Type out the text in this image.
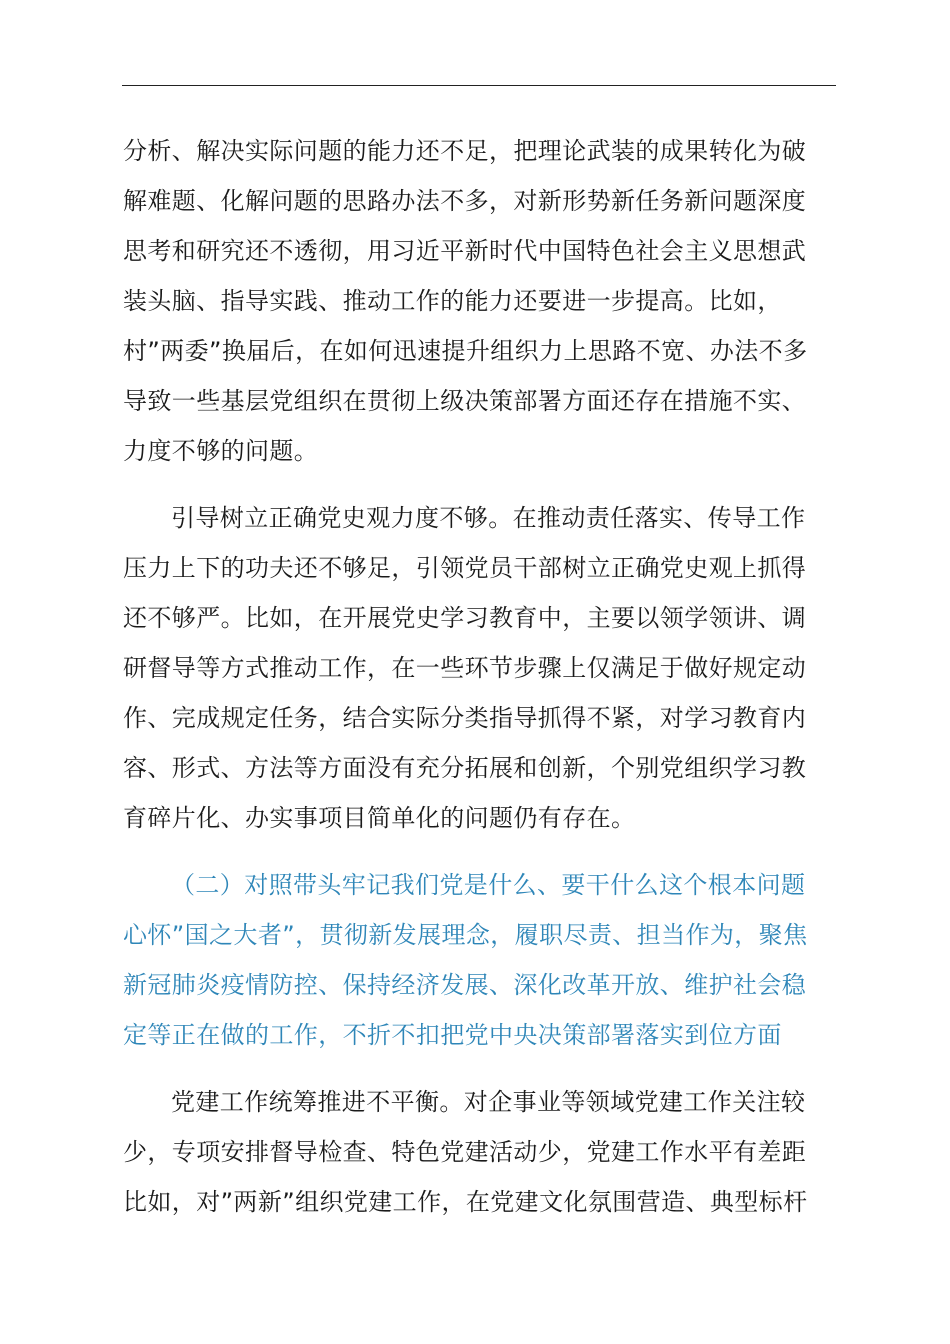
分析、解决实际问题的能力还不足，把理论武装的成果转化为破
解难题、化解问题的思路办法不多，对新形势新任务新问题深度
思考和研究还不透彻，用习近平新时代中国特色社会主义思想武
装头脑、指导实践、推动工作的能力还要进一步提高。比如，
村”两委”换届后，在如何迅速提升组织力上思路不宽、办法不多
导致一些基层党组织在贯彻上级决策部署方面还存在措施不实、
力度不够的问题。

引导树立正确党史观力度不够。在推动责任落实、传导工作
压力上下的功夫还不够足，引领党员干部树立正确党史观上抓得
还不够严。比如，在开展党史学习教育中，主要以领学领讲、调
研督导等方式推动工作，在一些环节步骤上仅满足于做好规定动
作、完成规定任务，结合实际分类指导抓得不紧，对学习教育内
容、形式、方法等方面没有充分拓展和创新，个别党组织学习教
育碎片化、办实事项目简单化的问题仍有存在。

（二）对照带头牢记我们党是什么、要干什么这个根本问题
心怀”国之大者”，贯彻新发展理念，履职尽责、担当作为，聚焦
新冠肺炎疫情防控、保持经济发展、深化改革开放、维护社会稳
定等正在做的工作，不折不扣把党中央决策部署落实到位方面

党建工作统筹推进不平衡。对企事业等领域党建工作关注较
少，专项安排督导检查、特色党建活动少，党建工作水平有差距
比如，对”两新”组织党建工作，在党建文化氛围营造、典型标杆
